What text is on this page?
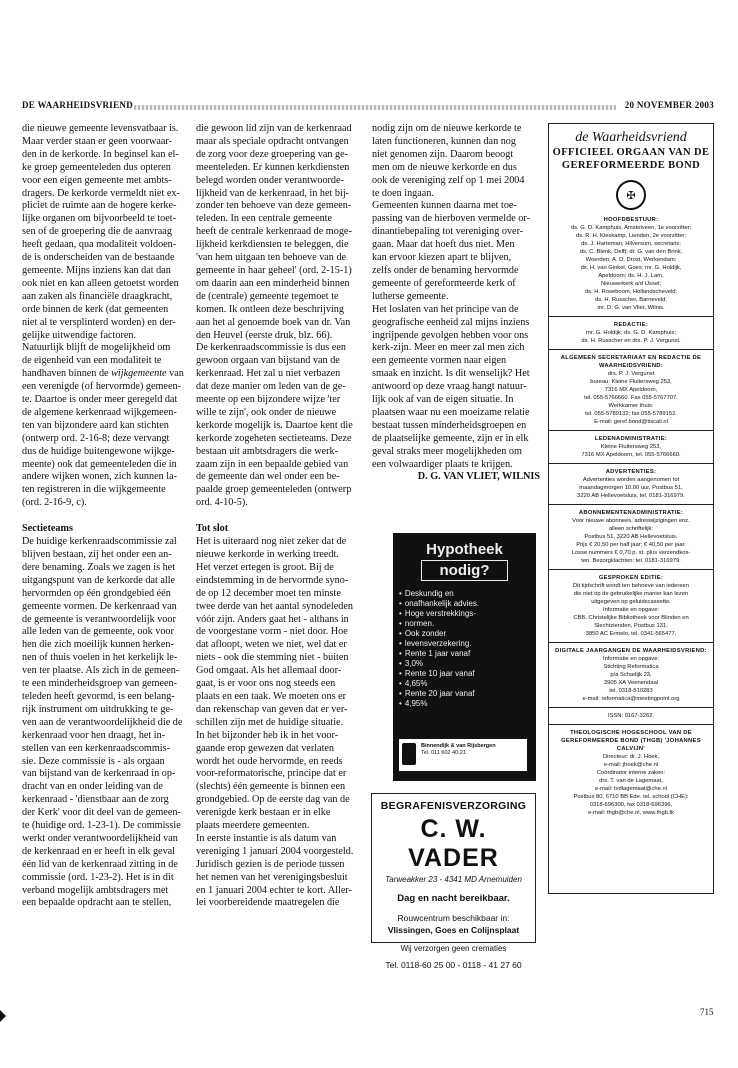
DE WAARHEIDSVRIEND	20 NOVEMBER 2003

die nieuwe gemeente levensvatbaar is.

Maar verder staan er geen voorwaar-

den in de kerkorde. In beginsel kan el-

ke groep gemeenteleden dus opteren

voor een eigen gemeente met ambts-

dragers. De kerkorde vermeldt niet ex-

pliciet de ruimte aan de hogere kerke-

lijke organen om bijvoorbeeld te toet-

sen of de groepering die de aanvraag

heeft gedaan, qua modaliteit voldoen-

de is onderscheiden van de bestaande

gemeente. Mijns inziens kan dat dan

ook niet en kan alleen getoetst worden

aan zaken als financiële draagkracht,

orde binnen de kerk (dat gemeenten

niet al te versplinterd worden) en der-

gelijke uitwendige factoren.

Natuurlijk blijft de mogelijkheid om

de eigenheid van een modaliteit te

handhaven binnen de wijkgemeente van

een verenigde (of hervormde) gemeen-

te. Daartoe is onder meer geregeld dat

de algemene kerkenraad wijkgemeen-

ten van bijzondere aard kan stichten

(ontwerp ord. 2-16-8; deze vervangt

dus de huidige buitengewone wijkge-

meente) ook dat gemeenteleden die in

andere wijken wonen, zich kunnen la-

ten registreren in die wijkgemeente

(ord. 2-16-9, c).

Sectieteams

De huidige kerkenraadscommissie zal

blijven bestaan, zij het onder een an-

dere benaming. Zoals we zagen is het

uitgangspunt van de kerkorde dat alle

hervormden op één grondgebied één

gemeente vormen. De kerkenraad van

de gemeente is verantwoordelijk voor

alle leden van de gemeente, ook voor

hen die zich moeilijk kunnen herken-

nen of thuis voelen in het kerkelijk le-

ven ter plaatse. Als zich in de gemeen-

te een minderheidsgroep van gemeen-

teleden heeft gevormd, is een belang-

rijk instrument om uitdrukking te ge-

ven aan de verantwoordelijkheid die de

kerkenraad voor hen draagt, het in-

stellen van een kerkenraadscommis-

sie. Deze commissie is - als orgaan

van bijstand van de kerkenraad in op-

dracht van en onder leiding van de

kerkenraad - 'dienstbaar aan de zorg

der Kerk' voor dit deel van de gemeen-

te (huidige ord. 1-23-1). De commissie

werkt onder verantwoordelijkheid van

de kerkenraad en er heeft in elk geval

één lid van de kerkenraad zitting in de

commissie (ord. 1-23-2). Het is in dit

verband mogelijk ambtsdragers met

een bepaalde opdracht aan te stellen,

die gewoon lid zijn van de kerkenraad

maar als speciale opdracht ontvangen

de zorg voor deze groepering van ge-

meenteleden. Er kunnen kerkdiensten

belegd worden onder verantwoorde-

lijkheid van de kerkenraad, in het bij-

zonder ten behoeve van deze gemeen-

teleden. In een centrale gemeente

heeft de centrale kerkenraad de moge-

lijkheid kerkdiensten te beleggen, die

'van hem uitgaan ten behoeve van de

gemeente in haar geheel' (ord. 2-15-1)

om daarin aan een minderheid binnen

de (centrale) gemeente tegemoet te

komen. Ik ontleen deze beschrijving

aan het al genoemde boek van dr. Van

den Heuvel (eerste druk, blz. 66).

De kerkenraadscommissie is dus een

gewoon orgaan van bijstand van de

kerkenraad. Het zal u niet verbazen

dat deze manier om leden van de ge-

meente op een bijzondere wijze 'ter

wille te zijn', ook onder de nieuwe

kerkorde mogelijk is. Daartoe kent die

kerkorde zogeheten sectieteams. Deze

bestaan uit ambtsdragers die werk-

zaam zijn in een bepaalde gebied van

de gemeente dan wel onder een be-

paalde groep gemeenteleden (ontwerp

ord. 4-10-5).

Tot slot

Het is uiteraard nog niet zeker dat de

nieuwe kerkorde in werking treedt.

Het verzet ertegen is groot. Bij de

eindstemming in de hervormde syno-

de op 12 december moet ten minste

twee derde van het aantal synodeleden

vóór zijn. Anders gaat het - althans in

de voorgestane vorm - niet door. Hoe

dat afloopt, weten we niet, wel dat er

niets - ook die stemming niet - buiten

God omgaat. Als het allemaal door-

gaat, is er voor ons nog steeds een

plaats en een taak. We moeten ons er

dan rekenschap van geven dat er ver-

schillen zijn met de huidige situatie.

In het bijzonder heb ik in het voor-

gaande erop gewezen dat verlaten

wordt het oude hervormde, en reeds

voor-reformatorische, principe dat er

(slechts) één gemeente is binnen een

grondgebied. Op de eerste dag van de

verenigde kerk bestaan er in elke

plaats meerdere gemeenten.

In eerste instantie is als datum van

vereniging 1 januari 2004 voorgesteld.

Juridisch gezien is de periode tussen

het nemen van het verenigingsbesluit

en 1 januari 2004 echter te kort. Aller-

lei voorbereidende maatregelen die

nodig zijn om de nieuwe kerkorde te

laten functioneren, kunnen dan nog

niet genomen zijn. Daarom beoogt

men om de nieuwe kerkorde en dus

ook de vereniging zelf op 1 mei 2004

te doen ingaan.

Gemeenten kunnen daarna met toe-

passing van de hierboven vermelde or-

dinantiebepaling tot vereniging over-

gaan. Maar dat hoeft dus niet. Men

kan ervoor kiezen apart te blijven,

zelfs onder de benaming hervormde

gemeente of gereformeerde kerk of

lutherse gemeente.

Het loslaten van het principe van de

geografische eenheid zal mijns inziens

ingrijpende gevolgen hebben voor ons

kerk-zijn. Meer en meer zal men zich

een gemeente vormen naar eigen

smaak en inzicht. Is dit wenselijk? Het

antwoord op deze vraag hangt natuur-

lijk ook af van de eigen situatie. In

plaatsen waar nu een moeizame relatie

bestaat tussen minderheidsgroepen en

de plaatselijke gemeente, zijn er in elk

geval straks meer mogelijkheden om

een volwaardiger plaats te krijgen.

D. G. VAN VLIET, WILNIS

Hypotheek
nodig?
• Deskundig en
• onafhankelijk advies.
• Hoge verstrekkings-
• normen.
• Ook zonder
• levensverzekering.
• Rente 1 jaar vanaf
• 3,0%
• Rente 10 jaar vanaf
• 4,65%
• Rente 20 jaar vanaf
• 4,95%
Binnendijk & van Rijsbergen
Tel. 011 602 40 21
BEGRAFENISVERZORGING
C. W. VADER
Tarweakker 23 - 4341 MD Arnemuiden
Dag en nacht bereikbaar.
Rouwcentrum beschikbaar in:
Vlissingen, Goes en Colijnsplaat
Wij verzorgen geen crematies
Tel. 0118-60 25 00 - 0118 - 41 27 60
de Waarheidsvriend
OFFICIEEL ORGAAN VAN DE
GEREFORMEERDE BOND
✠
HOOFDBESTUUR:

ds. G. D. Kamphuis, Amstelveen, 1e voorzitter;

ds. R. H. Kieskamp, Lienden, 2e voorzitter;

ds. J. Harteman, Hilversum, secretaris;

ds. C. Blenk, Delft; dr. G. van den Brink,

Woerden; A. D. Drost, Werkendam;

ds. H. van Ginkel, Goes; mr. G. Holdijk,

Apeldoorn; ds. H. J. Lam,

Nieuwerkerk a/d IJssel;

ds. H. Roseboom, Hollandscheveld;

ds. H. Russcher, Barneveld;

mr. D. G. van Vliet, Wilnis.

REDACTIE:

mr. G. Holdijk; ds. G. D. Kamphuis;

ds. H. Russcher en drs. P. J. Vergunst.

ALGEMEEN SECRETARIAAT EN REDACTIE DE WAARHEIDSVRIEND:

drs. P. J. Vergunst

bureau: Kleine Fluitersweg 253,

7316 MX Apeldoorn,

tel. 055-5766660. Fax 055-5767707.

Werkkamer thuis:

tel. 055-5789132; fax 055-5789152.

E-mail: geref.bond@tiscali.nl

LEDENADMINISTRATIE:

Kleine Fluitersweg 253,

7316 MX Apeldoorn, tel. 055-5766660.

ADVERTENTIES:

Advertenties worden aangenomen tot

maandagmorgen 10.00 uur, Postbus 51,

3220 AB Hellevoetsluis, tel. 0181-316979.

ABONNEMENTENADMINISTRATIE:

Voor nieuwe abonnees, adreswijzigingen enz.

alleen schriftelijk:

Postbus 51, 3220 AB Hellevoetsluis.

Prijs € 20,50 per half jaar; € 40,50 per jaar.

Losse nummers € 0,70 p. st. plus verzendkos-

ten. Bezorgklachten: tel. 0181-316979.

GESPROKEN EDITIE:

Dit tijdschrift wordt ten behoeve van iedereen

die niet op de gebruikelijke manier kan lezen

uitgegeven op geluidscassette.

Informatie en opgave:

CBB, Christelijke Bibliotheek voor Blinden en

Slechtzienden, Postbus 131,

3850 AC Ermelo, tel. 0341-565477.

DIGITALE JAARGANGEN DE WAARHEIDSVRIEND:

Informatie en opgave:

Stichting Reformatica

p/a Schadijk 23,

3905 XA Veenendaal

tel. 0318-510283

e-mail: reformatica@meetingpoint.org

ISSN: 0167-3262.

THEOLOGISCHE HOGESCHOOL VAN DE GEREFORMEERDE BOND (THGB) 'JOHANNES CALVIJN'

Directeur: dr. J. Hoek,

e-mail: jhoek@che.nl

Coördinator interne zaken:

drs. T. van de Lagemaat,

e-mail: tvdlagemaat@che.nl

Postbus 80, 6710 BB Ede. tel. school (CHE):

0318-696300, fax 0318-696396,

e-mail: thgb@che.nl, www.thgb.tk

715
